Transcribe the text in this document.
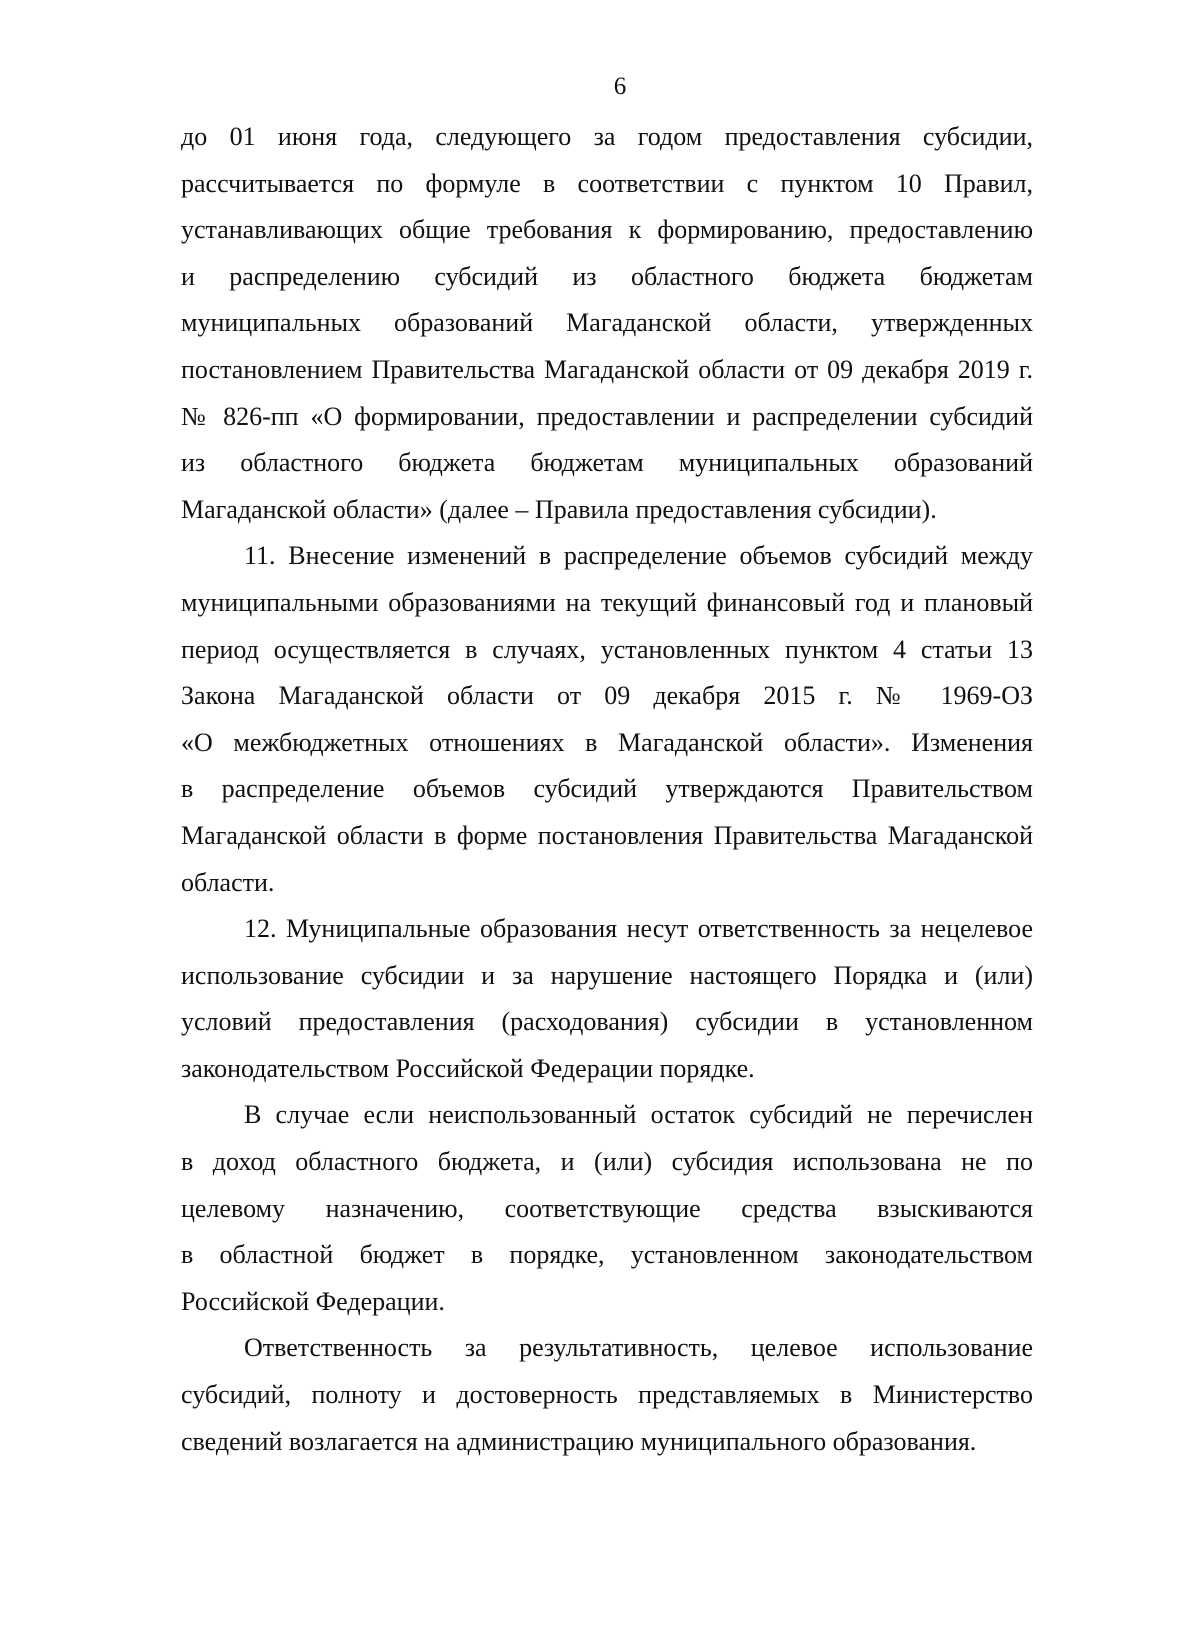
6
до 01 июня года, следующего за годом предоставления субсидии,
рассчитывается по формуле в соответствии с пунктом 10 Правил,
устанавливающих общие требования к формированию, предоставлению
и распределению субсидий из областного бюджета бюджетам
муниципальных образований Магаданской области, утвержденных
постановлением Правительства Магаданской области от 09 декабря 2019 г.
№ 826-пп «О формировании, предоставлении и распределении субсидий
из областного бюджета бюджетам муниципальных образований
Магаданской области» (далее – Правила предоставления субсидии).
11. Внесение изменений в распределение объемов субсидий между
муниципальными образованиями на текущий финансовый год и плановый
период осуществляется в случаях, установленных пунктом 4 статьи 13
Закона Магаданской области от 09 декабря 2015 г. № 1969-ОЗ
«О межбюджетных отношениях в Магаданской области». Изменения
в распределение объемов субсидий утверждаются Правительством
Магаданской области в форме постановления Правительства Магаданской
области.
12. Муниципальные образования несут ответственность за нецелевое
использование субсидии и за нарушение настоящего Порядка и (или)
условий предоставления (расходования) субсидии в установленном
законодательством Российской Федерации порядке.
В случае если неиспользованный остаток субсидий не перечислен
в доход областного бюджета, и (или) субсидия использована не по
целевому назначению, соответствующие средства взыскиваются
в областной бюджет в порядке, установленном законодательством
Российской Федерации.
Ответственность за результативность, целевое использование
субсидий, полноту и достоверность представляемых в Министерство
сведений возлагается на администрацию муниципального образования.
